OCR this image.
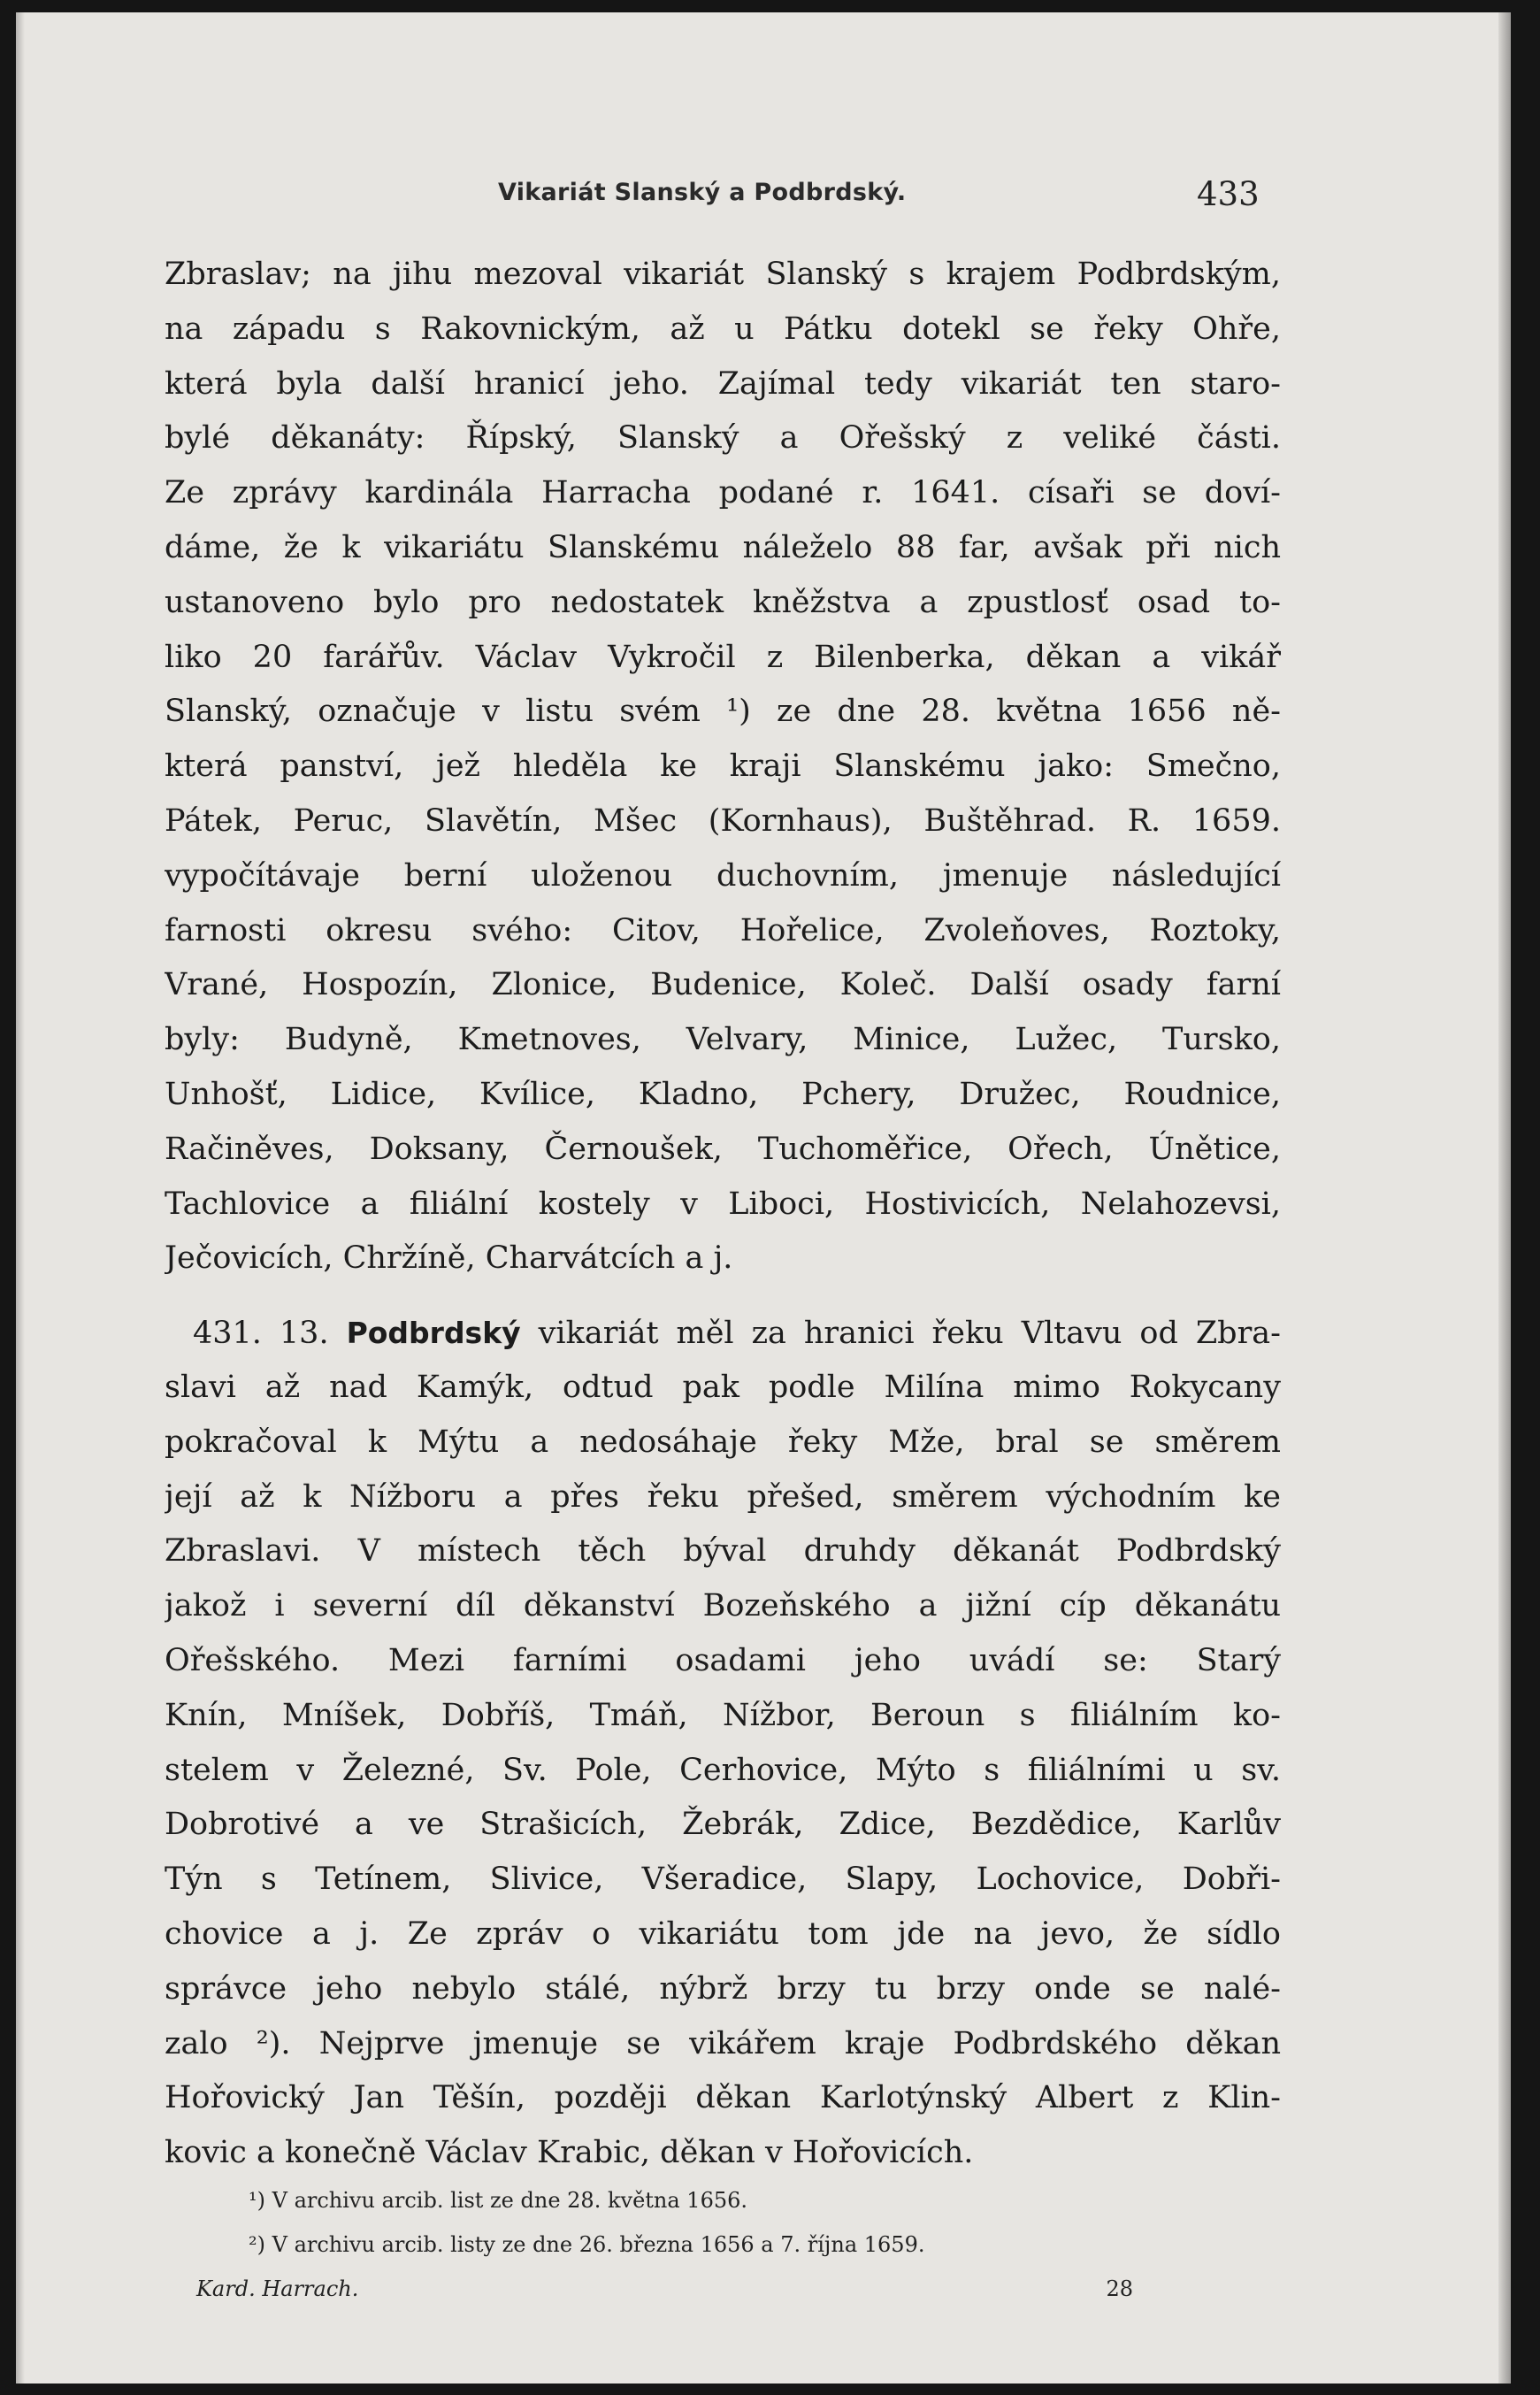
Vikariát Slanský a Podbrdský.	433
Zbraslav; na jihu mezoval vikariát Slanský s krajem Podbrdským,
na západu s Rakovnickým, až u Pátku dotekl se řeky Ohře,
která byla další hranicí jeho. Zajímal tedy vikariát ten staro-
bylé děkanáty: Řípský, Slanský a Ořešský z veliké části.
Ze zprávy kardinála Harracha podané r. 1641. císaři se doví-
dáme, že k vikariátu Slanskému náleželo 88 far, avšak při nich
ustanoveno bylo pro nedostatek kněžstva a zpustlosť osad to-
liko 20 farářův. Václav Vykročil z Bilenberka, děkan a vikář
Slanský, označuje v listu svém ¹) ze dne 28. května 1656 ně-
která panství, jež hleděla ke kraji Slanskému jako: Smečno,
Pátek, Peruc, Slavětín, Mšec (Kornhaus), Buštěhrad. R. 1659.
vypočítávaje berní uloženou duchovním, jmenuje následující
farnosti okresu svého: Citov, Hořelice, Zvoleňoves, Roztoky,
Vrané, Hospozín, Zlonice, Budenice, Koleč. Další osady farní
byly: Budyně, Kmetnoves, Velvary, Minice, Lužec, Tursko,
Unhošť, Lidice, Kvílice, Kladno, Pchery, Družec, Roudnice,
Račiněves, Doksany, Černoušek, Tuchoměřice, Ořech, Únětice,
Tachlovice a filiální kostely v Liboci, Hostivicích, Nelahozevsi,
Ječovicích, Chržíně, Charvátcích a j.
431. 13. Podbrdský vikariát měl za hranici řeku Vltavu od Zbra-
slavi až nad Kamýk, odtud pak podle Milína mimo Rokycany
pokračoval k Mýtu a nedosáhaje řeky Mže, bral se směrem
její až k Nížboru a přes řeku přešed, směrem východním ke
Zbraslavi. V místech těch býval druhdy děkanát Podbrdský
jakož i severní díl děkanství Bozeňského a jižní cíp děkanátu
Ořešského. Mezi farními osadami jeho uvádí se: Starý
Knín, Mníšek, Dobříš, Tmáň, Nížbor, Beroun s filiálním ko-
stelem v Železné, Sv. Pole, Cerhovice, Mýto s filiálními u sv.
Dobrotivé a ve Strašicích, Žebrák, Zdice, Bezdědice, Karlův
Týn s Tetínem, Slivice, Všeradice, Slapy, Lochovice, Dobři-
chovice a j. Ze zpráv o vikariátu tom jde na jevo, že sídlo
správce jeho nebylo stálé, nýbrž brzy tu brzy onde se nalé-
zalo ²). Nejprve jmenuje se vikářem kraje Podbrdského děkan
Hořovický Jan Těšín, později děkan Karlotýnský Albert z Klin-
kovic a konečně Václav Krabic, děkan v Hořovicích.
¹) V archivu arcib. list ze dne 28. května 1656.
²) V archivu arcib. listy ze dne 26. března 1656 a 7. října 1659.
Kard. Harrach.	28
